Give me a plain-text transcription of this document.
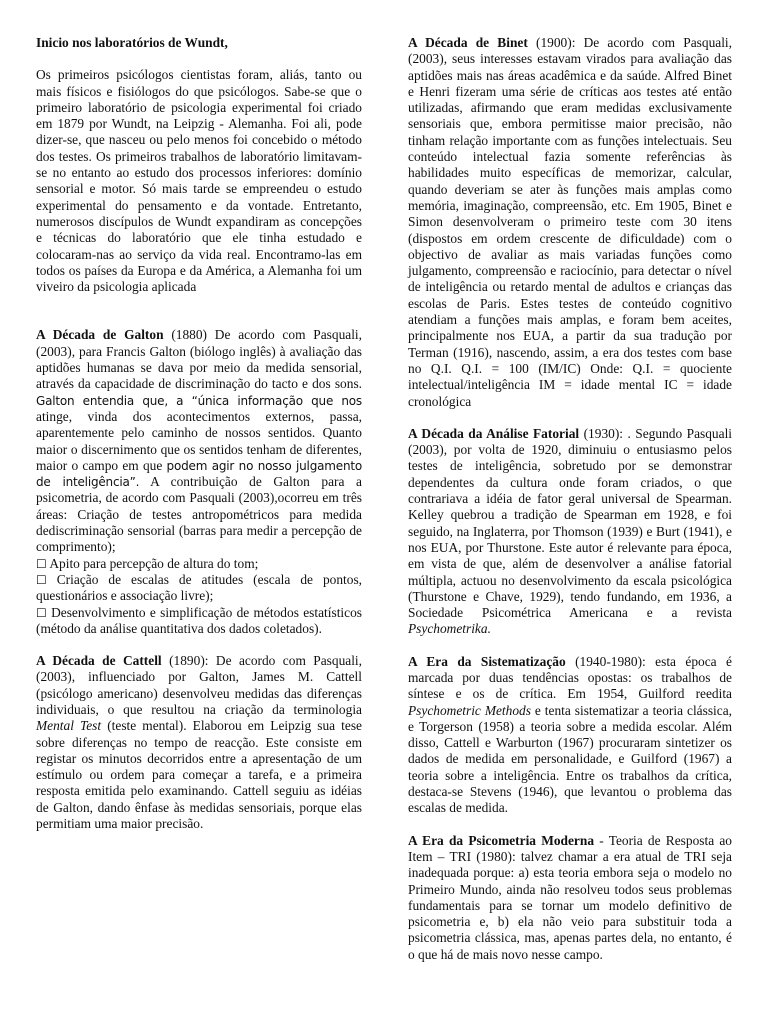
Inicio nos laboratórios de Wundt,

Os primeiros psicólogos cientistas foram, aliás, tanto ou mais físicos e fisiólogos do que psicólogos. Sabe-se que o primeiro laboratório de psicologia experimental foi criado em 1879 por Wundt, na Leipzig - Alemanha. Foi ali, pode dizer-se, que nasceu ou pelo menos foi concebido o método dos testes. Os primeiros trabalhos de laboratório limitavam-se no entanto ao estudo dos processos inferiores: domínio sensorial e motor. Só mais tarde se empreendeu o estudo experimental do pensamento e da vontade. Entretanto, numerosos discípulos de Wundt expandiram as concepções e técnicas do laboratório que ele tinha estudado e colocaram-nas ao serviço da vida real. Encontramo-las em todos os países da Europa e da América, a Alemanha foi um viveiro da psicologia aplicada

A Década de Galton (1880) De acordo com Pasquali, (2003), para Francis Galton (biólogo inglês) à avaliação das aptidões humanas se dava por meio da medida sensorial, através da capacidade de discriminação do tacto e dos sons. Galton entendia que, a “única informação que nos atinge, vinda dos acontecimentos externos, passa, aparentemente pelo caminho de nossos sentidos. Quanto maior o discernimento que os sentidos tenham de diferentes, maior o campo em que podem agir no nosso julgamento de inteligência”. A contribuição de Galton para a psicometria, de acordo com Pasquali (2003),ocorreu em três áreas: Criação de testes antropométricos para medida dediscriminação sensorial (barras para medir a percepção de comprimento);

☐ Apito para percepção de altura do tom;

☐ Criação de escalas de atitudes (escala de pontos, questionários e associação livre);

☐ Desenvolvimento e simplificação de métodos estatísticos (método da análise quantitativa dos dados coletados).

A Década de Cattell (1890): De acordo com Pasquali, (2003), influenciado por Galton, James M. Cattell (psicólogo americano) desenvolveu medidas das diferenças individuais, o que resultou na criação da terminologia Mental Test (teste mental). Elaborou em Leipzig sua tese sobre diferenças no tempo de reacção. Este consiste em registar os minutos decorridos entre a apresentação de um estímulo ou ordem para começar a tarefa, e a primeira resposta emitida pelo examinando. Cattell seguiu as idéias de Galton, dando ênfase às medidas sensoriais, porque elas permitiam uma maior precisão.

A Década de Binet (1900): De acordo com Pasquali, (2003), seus interesses estavam virados para avaliação das aptidões mais nas áreas acadêmica e da saúde. Alfred Binet e Henri fizeram uma série de críticas aos testes até então utilizadas, afirmando que eram medidas exclusivamente sensoriais que, embora permitisse maior precisão, não tinham relação importante com as funções intelectuais. Seu conteúdo intelectual fazia somente referências às habilidades muito específicas de memorizar, calcular, quando deveriam se ater às funções mais amplas como memória, imaginação, compreensão, etc. Em 1905, Binet e Simon desenvolveram o primeiro teste com 30 itens (dispostos em ordem crescente de dificuldade) com o objectivo de avaliar as mais variadas funções como julgamento, compreensão e raciocínio, para detectar o nível de inteligência ou retardo mental de adultos e crianças das escolas de Paris. Estes testes de conteúdo cognitivo atendiam a funções mais amplas, e foram bem aceites, principalmente nos EUA, a partir da sua tradução por Terman (1916), nascendo, assim, a era dos testes com base no Q.I. Q.I. = 100 (IM/IC) Onde: Q.I. = quociente intelectual/inteligência IM = idade mental IC = idade cronológica

A Década da Análise Fatorial (1930): . Segundo Pasquali (2003), por volta de 1920, diminuiu o entusiasmo pelos testes de inteligência, sobretudo por se demonstrar dependentes da cultura onde foram criados, o que contrariava a idéia de fator geral universal de Spearman. Kelley quebrou a tradição de Spearman em 1928, e foi seguido, na Inglaterra, por Thomson (1939) e Burt (1941), e nos EUA, por Thurstone. Este autor é relevante para época, em vista de que, além de desenvolver a análise fatorial múltipla, actuou no desenvolvimento da escala psicológica (Thurstone e Chave, 1929), tendo fundando, em 1936, a Sociedade Psicométrica Americana e a revista Psychometrika.

A Era da Sistematização (1940-1980): esta época é marcada por duas tendências opostas: os trabalhos de síntese e os de crítica. Em 1954, Guilford reedita Psychometric Methods e tenta sistematizar a teoria clássica, e Torgerson (1958) a teoria sobre a medida escolar. Além disso, Cattell e Warburton (1967) procuraram sintetizer os dados de medida em personalidade, e Guilford (1967) a teoria sobre a inteligência. Entre os trabalhos da crítica, destaca-se Stevens (1946), que levantou o problema das escalas de medida.

A Era da Psicometria Moderna - Teoria de Resposta ao Item – TRI (1980): talvez chamar a era atual de TRI seja inadequada porque: a) esta teoria embora seja o modelo no Primeiro Mundo, ainda não resolveu todos seus problemas fundamentais para se tornar um modelo definitivo de psicometria e, b) ela não veio para substituir toda a psicometria clássica, mas, apenas partes dela, no entanto, é o que há de mais novo nesse campo.
